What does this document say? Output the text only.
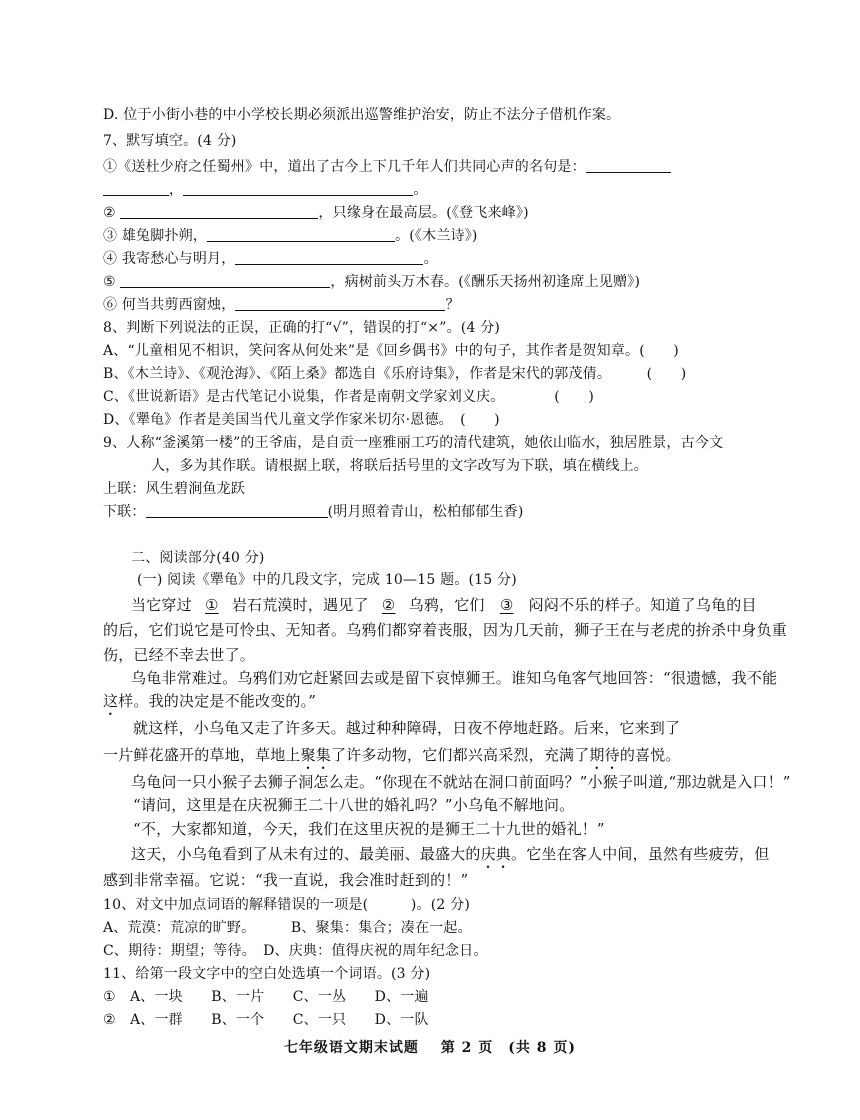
D. 位于小街小巷的中小学校长期必须派出巡警维护治安，防止不法分子借机作案。
7、默写填空。(4 分)
①《送杜少府之任蜀州》中，道出了古今上下几千年人们共同心声的名句是：
，	。
②	，只缘身在最高层。(《登飞来峰》)
③ 雄兔脚扑朔，	。(《木兰诗》)
④ 我寄愁心与明月，	。
⑤	，病树前头万木春。(《酬乐天扬州初逢席上见赠》)
⑥ 何当共剪西窗烛，	？
8、判断下列说法的正误，正确的打“√”，错误的打“×”。(4 分)
A、“儿童相见不相识，笑问客从何处来”是《回乡偶书》中的句子，其作者是贺知章。(　　)
B、《木兰诗》、《观沧海》、《陌上桑》都选自《乐府诗集》，作者是宋代的郭茂倩。　　　(　　)
C、《世说新语》是古代笔记小说集，作者是南朝文学家刘义庆。　　　　(　　)
D、《犟龟》作者是美国当代儿童文学作家米切尔·恩德。　(　　)
9、人称“釜溪第一楼”的王爷庙，是自贡一座雅丽工巧的清代建筑，她依山临水，独居胜景，古今文
人，多为其作联。请根据上联，将联后括号里的文字改写为下联，填在横线上。
上联：风生碧涧鱼龙跃
下联：	(明月照着青山，松柏郁郁生香)
二、阅读部分(40 分)
(一) 阅读《犟龟》中的几段文字，完成 10—15 题。(15 分)
当它穿过 ① 岩石荒漠时，遇见了 ② 乌鸦，它们 ③ 闷闷不乐的样子。知道了乌龟的目
的后，它们说它是可怜虫、无知者。乌鸦们都穿着丧服，因为几天前，狮子王在与老虎的拚杀中身负重
伤，已经不幸去世了。
乌龟非常难过。乌鸦们劝它赶紧回去或是留下哀悼狮王。谁知乌龟客气地回答：“很遗憾，我不能
这样。我的决定是不能改变的。”
就这样，小乌龟又走了许多天。越过种种障碍，日夜不停地赶路。后来，它来到了
一片鲜花盛开的草地，草地上聚集了许多动物，它们都兴高采烈，充满了期待的喜悦。
乌龟问一只小猴子去狮子洞怎么走。“你现在不就站在洞口前面吗？”小猴子叫道,“那边就是入口！”
“请问，这里是在庆祝狮王二十八世的婚礼吗？”小乌龟不解地问。
“不，大家都知道，今天，我们在这里庆祝的是狮王二十九世的婚礼！”
这天，小乌龟看到了从未有过的、最美丽、最盛大的庆典。它坐在客人中间，虽然有些疲劳，但
感到非常幸福。它说：“我一直说，我会准时赶到的！”
10、对文中加点词语的解释错误的一项是(　　　)。(2 分)
A、荒漠：荒凉的旷野。　　　B、聚集：集合；凑在一起。
C、期待：期望；等待。　D、庆典：值得庆祝的周年纪念日。
11、给第一段文字中的空白处选填一个词语。(3 分)
①　A、一块　　B、一片　　C、一丛　　D、一遍
②　A、一群　　B、一个　　C、一只　　D、一队
七年级语文期末试题 第 2 页　(共 8 页)
